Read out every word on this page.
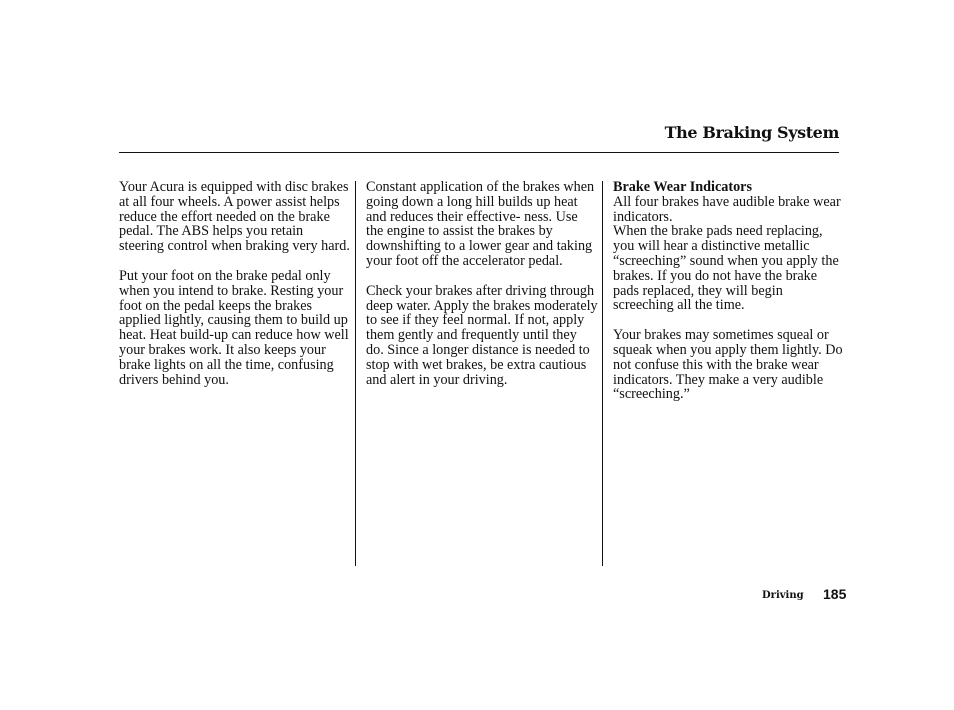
The Braking System

Your Acura is equipped with disc brakes at all four wheels. A power assist helps reduce the effort needed on the brake pedal. The ABS helps you retain steering control when braking very hard.

Put your foot on the brake pedal only when you intend to brake. Resting your foot on the pedal keeps the brakes applied lightly, causing them to build up heat. Heat build-up can reduce how well your brakes work. It also keeps your brake lights on all the time, confusing drivers behind you.

Constant application of the brakes when going down a long hill builds up heat and reduces their effective- ness. Use the engine to assist the brakes by downshifting to a lower gear and taking your foot off the accelerator pedal.

Check your brakes after driving through deep water. Apply the brakes moderately to see if they feel normal. If not, apply them gently and frequently until they do. Since a longer distance is needed to stop with wet brakes, be extra cautious and alert in your driving.

Brake Wear Indicators

All four brakes have audible brake wear indicators.

When the brake pads need replacing, you will hear a distinctive metallic “screeching” sound when you apply the brakes. If you do not have the brake pads replaced, they will begin screeching all the time.

Your brakes may sometimes squeal or squeak when you apply them lightly. Do not confuse this with the brake wear indicators. They make a very audible “screeching.”

Driving 185
